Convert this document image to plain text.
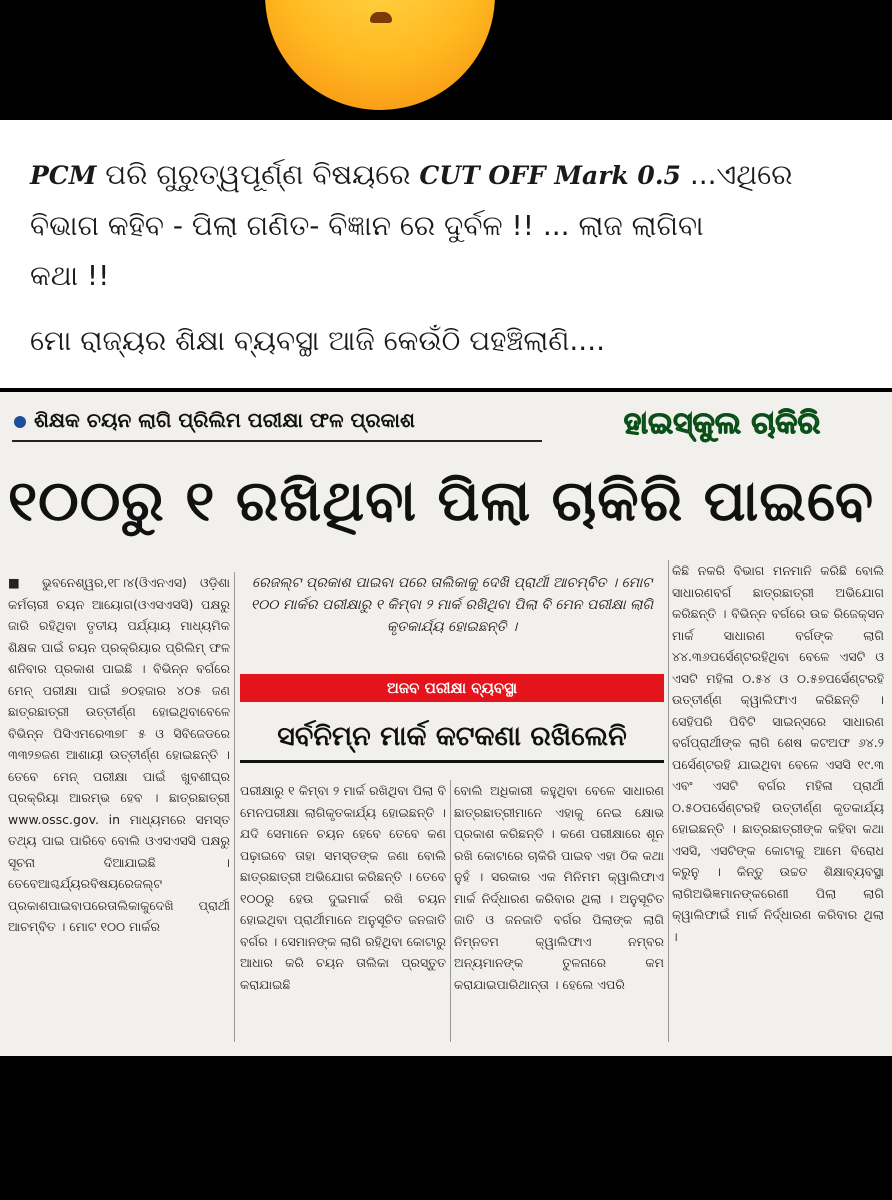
PCM ପରି ଗୁରୁତ୍ୱପୂର୍ଣ୍ଣ ବିଷୟରେ CUT OFF Mark 0.5 ...ଏଥିରେ
ବିଭାଗ କହିବ - ପିଲା ଗଣିତ- ବିଜ୍ଞାନ ରେ ଦୁର୍ବଳ !! ... ଲାଜ ଲାଗିବା
କଥା !!
ମୋ ରାଜ୍ୟର ଶିକ୍ଷା ବ୍ୟବସ୍ଥା ଆଜି କେଉଁଠି ପହଞ୍ଚିଲାଣି....
ଶିକ୍ଷକ ଚୟନ ଲାଗି ପ୍ରିଲିମ ପରୀକ୍ଷା ଫଳ ପ୍ରକାଶ	ହାଇସ୍କୁଲ ଚାକିରି
୧୦୦ରୁ ୧ ରଖିଥିବା ପିଲା ଚାକିରି ପାଇବେ
■ ଭୁବନେଶ୍ୱର,୧୮।୪(ଓିଏନଏସ) ଓଡ଼ିଶା କର୍ମଚାରୀ ଚୟନ ଆୟୋଗ(ଓଏସଏସସି) ପକ୍ଷରୁ ଜାରି ରହିଥିବା ତୃତୀୟ ପର୍ଯ୍ୟାୟ ମାଧ୍ୟମିକ ଶିକ୍ଷକ ପାଇଁ ଚୟନ ପ୍ରକ୍ରିୟାର ପ୍ରିଲିମ୍ ଫଳ ଶନିବାର ପ୍ରକାଶ ପାଇଛି । ବିଭିନ୍ନ ବର୍ଗରେ ମେନ୍ ପରୀକ୍ଷା ପାଇଁ ୭୦ହଜାର ୪୦୫ ଜଣ ଛାତ୍ରଛାତ୍ରୀ ଉତ୍ତୀର୍ଣ୍ଣ ହୋଇଥିବାବେଳେ ବିଭିନ୍ନ ପିସିଏମରେ୩୭୮ ୫ ଓ ସିବିଜେଡରେ ୩୩୨୭ଜଣ ଆଶାୟୀ ଉତ୍ତୀର୍ଣ୍ଣ ହୋଇଛନ୍ତି । ତେବେ ମେନ୍ ପରୀକ୍ଷା ପାଇଁ ଖୁବଶୀଘ୍ର ପ୍ରକ୍ରିୟା ଆରମ୍ଭ ହେବ । ଛାତ୍ରଛାତ୍ରୀ www.ossc.gov. in ମାଧ୍ୟମରେ ସମସ୍ତ ତଥ୍ୟ ପାଇ ପାରିବେ ବୋଲି ଓଏସଏସସି ପକ୍ଷରୁ ସୂଚନା ଦିଆଯାଇଛି । ତେବେଆଶ୍ଚର୍ଯ୍ୟରବିଷୟରେଜଲ୍ଟ ପ୍ରକାଶପାଇବାପରେତାଲିକାକୁଦେଖି ପ୍ରାର୍ଥୀ ଆଚମ୍ବିତ । ମୋଟ ୧୦୦ ମାର୍କର
ରେଜଲ୍ଟ ପ୍ରକାଶ ପାଇବା ପରେ ତାଲିକାକୁ ଦେଖି ପ୍ରାର୍ଥୀ ଆଚମ୍ବିତ । ମୋଟ ୧୦୦ ମାର୍କର ପରୀକ୍ଷାରୁ ୧ କିମ୍ବା ୨ ମାର୍କ ରଖିଥିବା ପିଲା ବି ମେନ ପରୀକ୍ଷା ଲାଗି କୃତକାର୍ଯ୍ୟ ହୋଇଛନ୍ତି ।
ଅଜବ ପରୀକ୍ଷା ବ୍ୟବସ୍ଥା
ସର୍ବନିମ୍ନ ମାର୍କ କଟକଣା ରଖିଲେନି
ପରୀକ୍ଷାରୁ ୧ କିମ୍ବା ୨ ମାର୍କ ରଖିଥିବା ପିଲା ବି ମେନପରୀକ୍ଷା ଲାଗିକୃତକାର୍ଯ୍ୟ ହୋଇଛନ୍ତି । ଯଦି ସେମାନେ ଚୟନ ହେବେ ତେବେ କଣ ପଢ଼ାଇବେ ତାହା ସମସ୍ତଙ୍କ ଜଣା ବୋଲି ଛାତ୍ରଛାତ୍ରୀ ଅଭିଯୋଗ କରିଛନ୍ତି । ତେବେ ୧୦୦ରୁ ହେଉ ଦୁଇମାର୍କ ରଖି ଚୟନ ହୋଇଥିବା ପ୍ରାର୍ଥୀମାନେ ଅନୁସୂଚିତ ଜନଜାତି ବର୍ଗର । ସେମାନଙ୍କ ଲାଗି ରହିଥିବା କୋଟାରୁ ଆଧାର କରି ଚୟନ ତାଲିକା ପ୍ରସ୍ତୁତ କରାଯାଇଛି
ବୋଲି ଅଧିକାରୀ କହୁଥିବା ବେଳେ ସାଧାରଣ ଛାତ୍ରଛାତ୍ରୀମାନେ ଏହାକୁ ନେଇ କ୍ଷୋଭ ପ୍ରକାଶ କରିଛନ୍ତି । କଣେ ପରୀକ୍ଷାରେ ଶୂନ ରଖି କୋଟାରେ ଚାକିରି ପାଇବ ଏହା ଠିକ କଥା ନୁହଁ । ସରକାର ଏକ ମିନିମମ କ୍ୱାଲିଫାଏ ମାର୍କ ନିର୍ଦ୍ଧାରଣ କରିବାର ଥିଲା । ଅନୁସୂଚିତ ଜାତି ଓ ଜନଜାତି ବର୍ଗର ପିଲାଙ୍କ ଲାଗି ନିମ୍ନତମ କ୍ୱାଲିଫାଏ ନମ୍ବର ଅନ୍ୟମାନଙ୍କ ତୁଳନାରେ କମ କରାଯାଇପାରିଥାନ୍ତା । ହେଲେ ଏପରି
କିଛି ନକରି ବିଭାଗ ମନମାନି କରିଛି ବୋଲି ସାଧାରଣବର୍ଗ ଛାତ୍ରଛାତ୍ରୀ ଅଭିଯୋଗ କରିଛନ୍ତି । ବିଭିନ୍ନ ବର୍ଗରେ ଉଚ୍ଚ ରିଜେକ୍‌ସନ ମାର୍କ ସାଧାରଣ ବର୍ଗଙ୍କ ଲାଗି ୪୪.୩୬ପର୍ସେଣ୍ଟରହିଥିବା ବେଳେ ଏସଟି ଓ ଏସଟି ମହିଳା ୦.୫୪ ଓ ୦.୫୭ପର୍ସେଣ୍ଟରହି ଉତ୍ତୀର୍ଣ୍ଣ କ୍ୱାଲିଫାଏ କରିଛନ୍ତି । ସେହିପରି ପିବିଟି ସାଇନ୍ସରେ ସାଧାରଣ ବର୍ଗପ୍ରାର୍ଥୀଙ୍କ ଲାଗି ଶେଷ କଟଅଫ ୬୪.୨ ପର୍ସେଣ୍ଟରହି ଯାଇଥିବା ବେଳେ ଏସସି ୧୯.୩ ଏବଂ ଏସଟି ବର୍ଗର ମହିଳା ପ୍ରାର୍ଥୀ ୦.୫୦ପର୍ସେଣ୍ଟରହି ଉତ୍ତୀର୍ଣ୍ଣ କୃତକାର୍ଯ୍ୟ ହୋଇଛନ୍ତି । ଛାତ୍ରଛାତ୍ରୀଙ୍କ କହିବା କଥା ଏସସି, ଏସଟିଙ୍କ କୋଟାକୁ ଆମେ ବିରୋଧ କରୁନୁ । କିନ୍ତୁ ଉଚ୍ଚତ ଶିକ୍ଷାବ୍ୟବସ୍ଥା ଲାଗିଅଭିଜ୍ଞମାନଙ୍କରେଣୀ ପିଲା ଲାଗି କ୍ୱାଲିଫାଇଁ ମାର୍କ ନିର୍ଦ୍ଧାରଣ କରିବାର ଥିଲା ।
